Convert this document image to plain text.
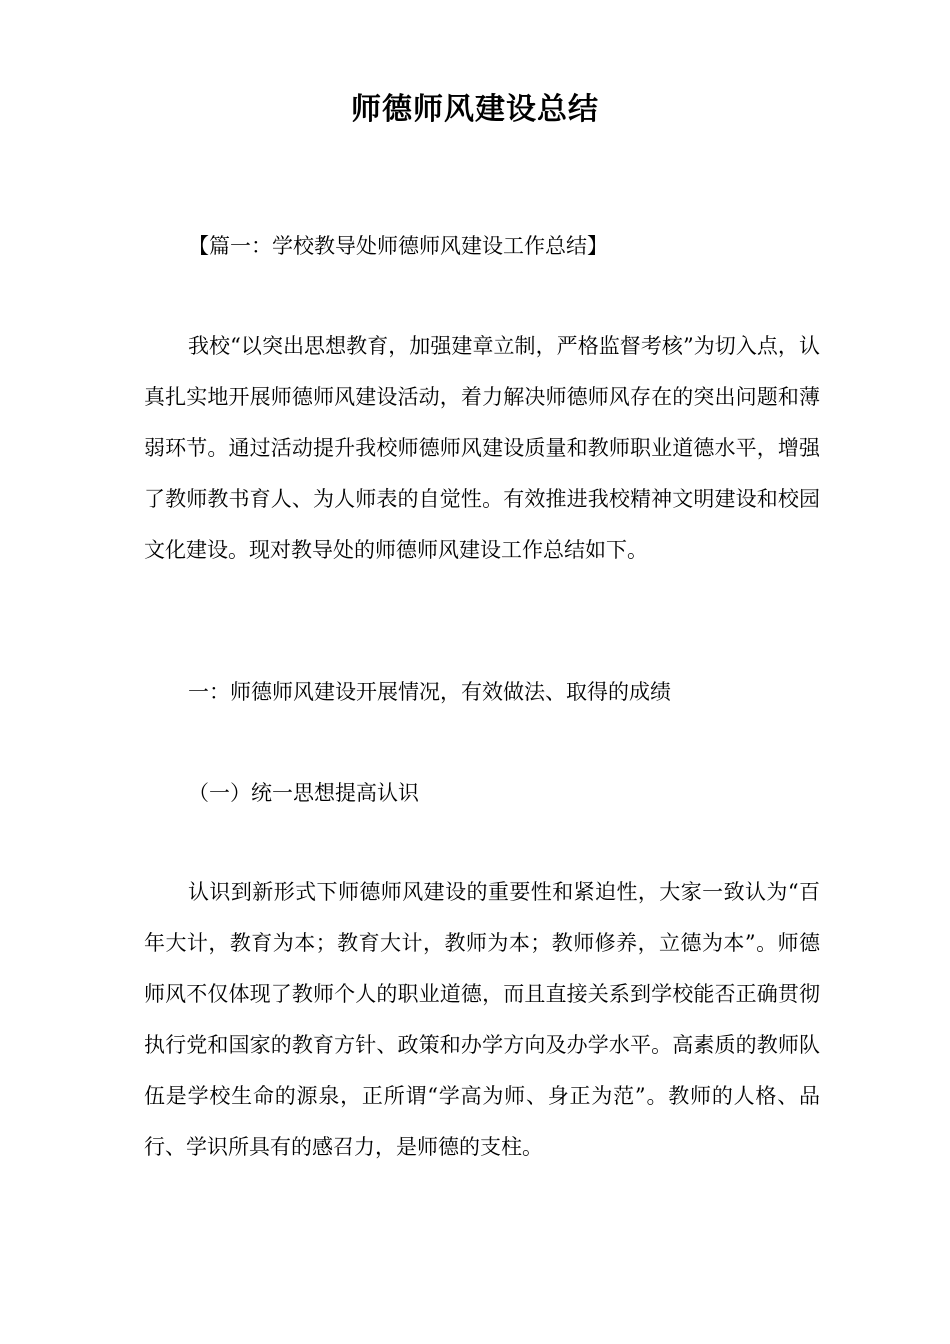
师德师风建设总结

【篇一：学校教导处师德师风建设工作总结】

我校“以突出思想教育，加强建章立制，严格监督考核”为切入点，认真扎实地开展师德师风建设活动，着力解决师德师风存在的突出问题和薄弱环节。通过活动提升我校师德师风建设质量和教师职业道德水平，增强了教师教书育人、为人师表的自觉性。有效推进我校精神文明建设和校园文化建设。现对教导处的师德师风建设工作总结如下。

一：师德师风建设开展情况，有效做法、取得的成绩

（一）统一思想提高认识

认识到新形式下师德师风建设的重要性和紧迫性，大家一致认为“百年大计，教育为本；教育大计，教师为本；教师修养，立德为本”。师德师风不仅体现了教师个人的职业道德，而且直接关系到学校能否正确贯彻执行党和国家的教育方针、政策和办学方向及办学水平。高素质的教师队伍是学校生命的源泉，正所谓“学高为师、身正为范”。教师的人格、品行、学识所具有的感召力，是师德的支柱。
